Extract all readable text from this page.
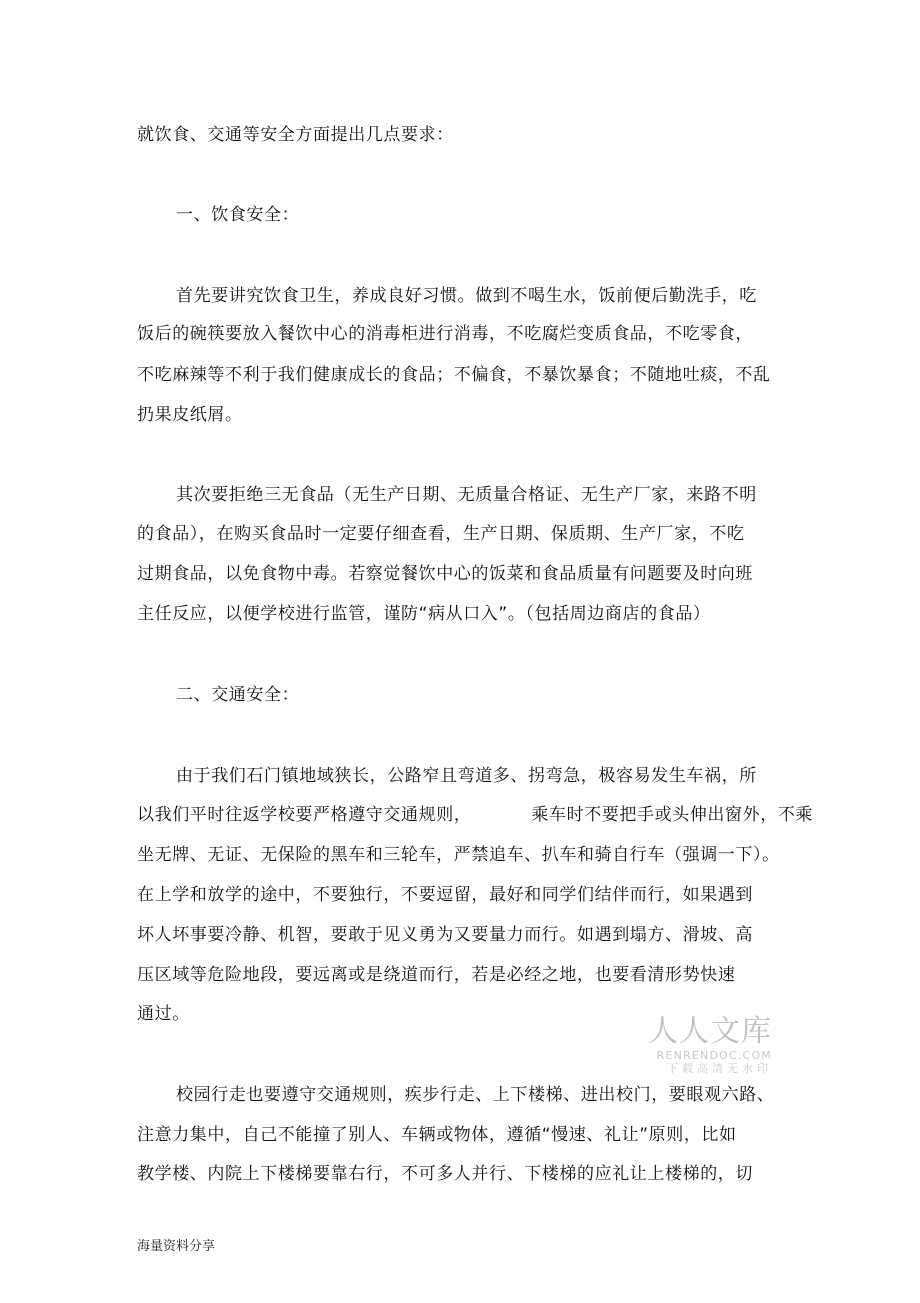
就饮食、交通等安全方面提出几点要求：
一、饮食安全：
首先要讲究饮食卫生，养成良好习惯。做到不喝生水，饭前便后勤洗手，吃
饭后的碗筷要放入餐饮中心的消毒柜进行消毒，不吃腐烂变质食品，不吃零食，
不吃麻辣等不利于我们健康成长的食品；不偏食，不暴饮暴食；不随地吐痰，不乱
扔果皮纸屑。
其次要拒绝三无食品（无生产日期、无质量合格证、无生产厂家，来路不明
的食品），在购买食品时一定要仔细查看，生产日期、保质期、生产厂家，不吃
过期食品，以免食物中毒。若察觉餐饮中心的饭菜和食品质量有问题要及时向班
主任反应，以便学校进行监管，谨防“病从口入”。（包括周边商店的食品）
二、交通安全：
由于我们石门镇地域狭长，公路窄且弯道多、拐弯急，极容易发生车祸，所
以我们平时往返学校要严格遵守交通规则，          乘车时不要把手或头伸出窗外，不乘
坐无牌、无证、无保险的黑车和三轮车，严禁追车、扒车和骑自行车（强调一下）。
在上学和放学的途中，不要独行，不要逗留，最好和同学们结伴而行，如果遇到
坏人坏事要冷静、机智，要敢于见义勇为又要量力而行。如遇到塌方、滑坡、高
压区域等危险地段，要远离或是绕道而行，若是必经之地，也要看清形势快速
通过。
校园行走也要遵守交通规则，疾步行走、上下楼梯、进出校门，要眼观六路、
注意力集中，自己不能撞了别人、车辆或物体，遵循“慢速、礼让”原则，比如
教学楼、内院上下楼梯要靠右行，不可多人并行、下楼梯的应礼让上楼梯的，切
人人文库
RENRENDOC.COM
下载高清无水印
海量资料分享
